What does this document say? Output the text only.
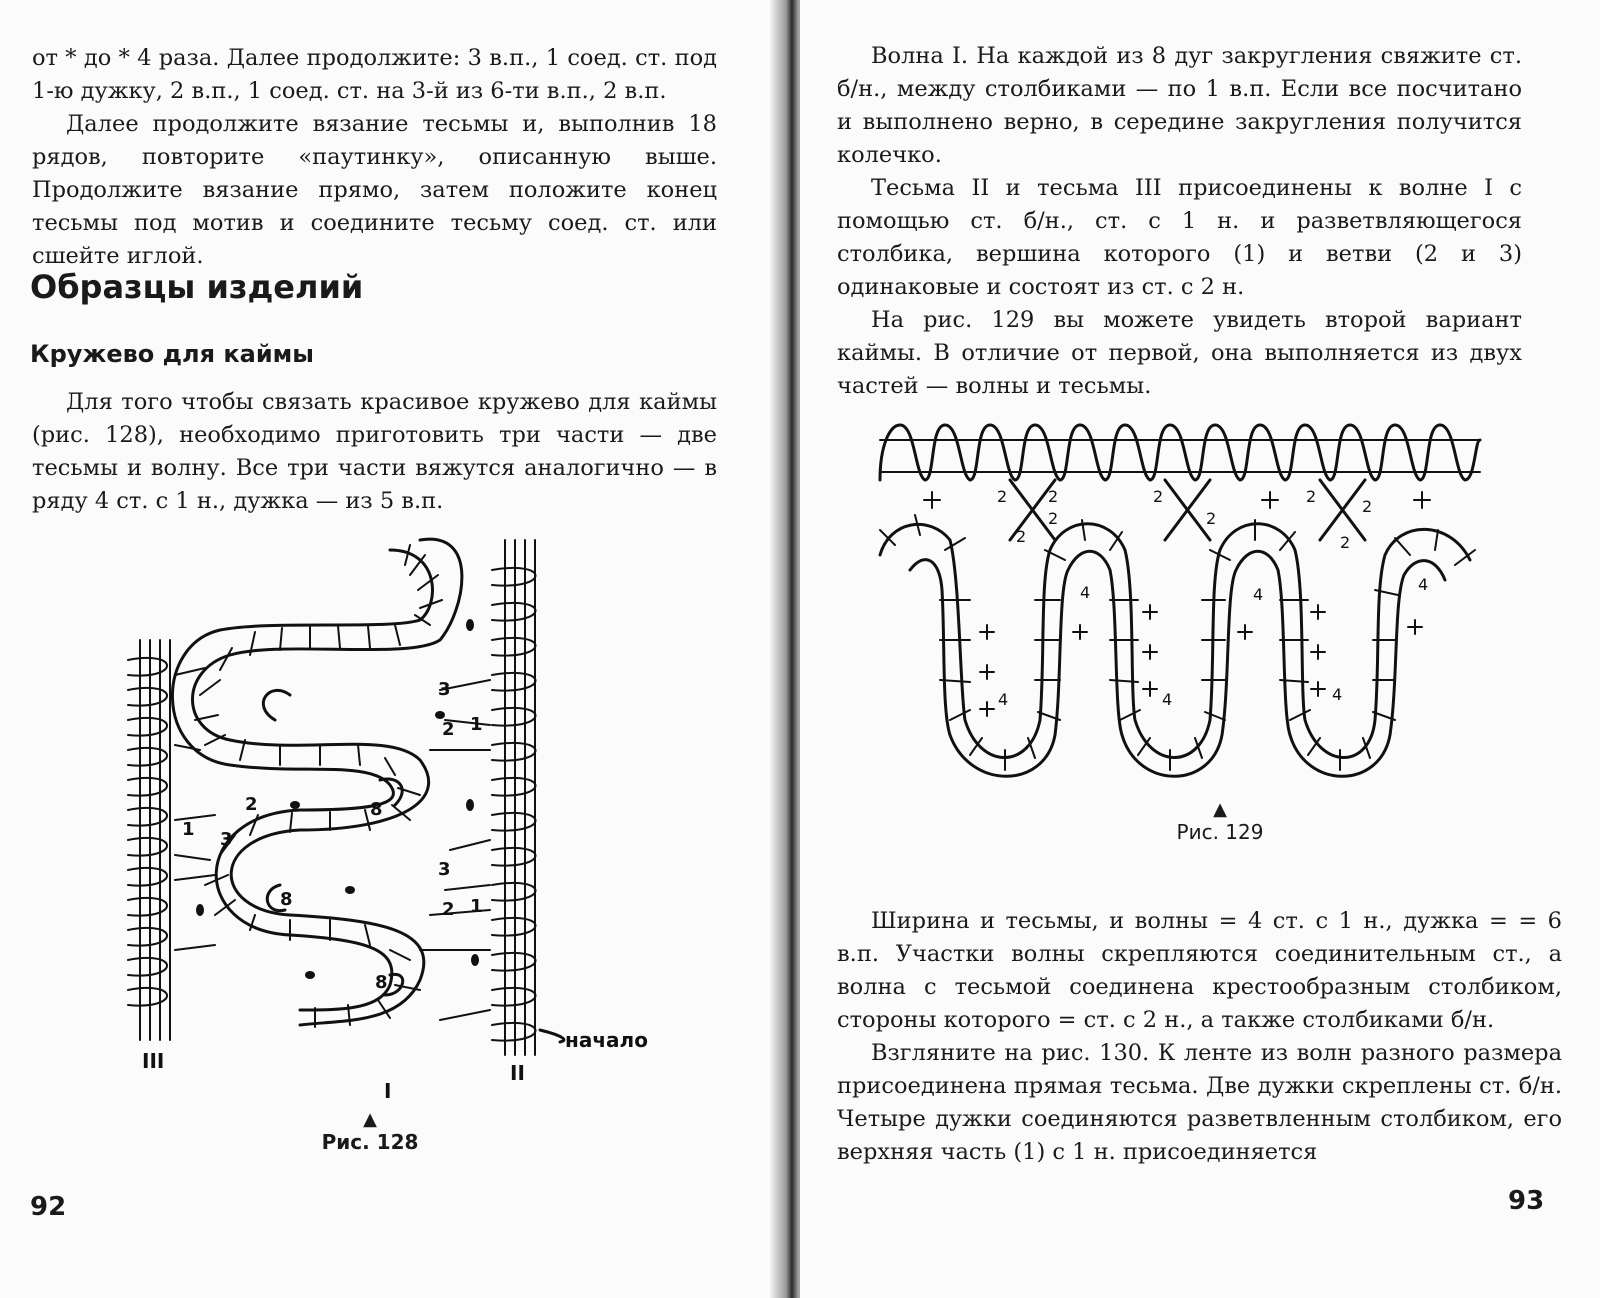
от * до * 4 раза. Далее продолжите: 3 в.п., 1 соед. ст. под 1-ю дужку, 2 в.п., 1 соед. ст. на 3-й из 6-ти в.п., 2 в.п.

Далее продолжите вязание тесьмы и, выполнив 18 рядов, повторите «паутинку», описанную выше. Продолжите вязание прямо, затем положите конец тесьмы под мотив и соедините тесьму соед. ст. или сшейте иглой.

Образцы изделий
Кружево для каймы

Для того чтобы связать красивое кружево для каймы (рис. 128), необходимо приготовить три части — две тесьмы и волну. Все три части вяжутся аналогично — в ряду 4 ст. с 1 н., дужка — из 5 в.п.

3
2 1
8
2
1 3
3
2 1
8
8
III
I
II
начало
▲
Рис. 128
92

Волна I. На каждой из 8 дуг закругления свяжите ст. б/н., между столбиками — по 1 в.п. Если все посчитано и выполнено верно, в середине закругления получится колечко.

Тесьма II и тесьма III присоединены к волне I с помощью ст. б/н., ст. с 1 н. и разветвляющегося столбика, вершина которого (1) и ветви (2 и 3) одинаковые и состоят из ст. с 2 н.

На рис. 129 вы можете увидеть второй вариант каймы. В отличие от первой, она выполняется из двух частей — волны и тесьмы.

2	2
2
2
2
2
2
2
2
4	4
4
4	4	4
▲
Рис. 129

Ширина и тесьмы, и волны = 4 ст. с 1 н., дужка = = 6 в.п. Участки волны скрепляются соединительным ст., а волна с тесьмой соединена крестообразным столбиком, стороны которого = ст. с 2 н., а также столбиками б/н.

Взгляните на рис. 130. К ленте из волн разного размера присоединена прямая тесьма. Две дужки скреплены ст. б/н. Четыре дужки соединяются разветвленным столбиком, его верхняя часть (1) с 1 н. присоединяется

93
